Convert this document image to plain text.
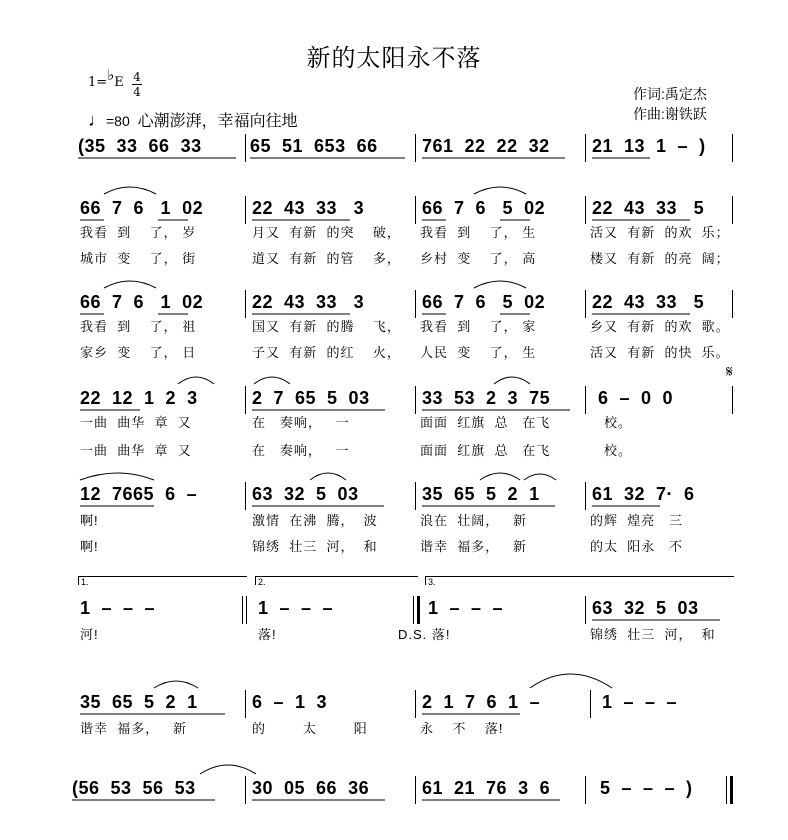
新的太阳永不落
1=♭E 4
4
♩=80 心潮澎湃，幸福向往地
作词:禹定杰
作曲:谢铁跃
(35  33  66  33	65  51  653  66 761  22  22  32 21  13  1  –  )
66  7  6   1  02	22  43  33   3	66  7  6   5  02	22  43  33   5
我看  到    了， 岁	月又  有新  的突    破， 我看  到    了， 生	活又  有新  的欢  乐；
城市  变    了， 街	道又  有新  的管    多， 乡村  变    了， 高	楼又  有新  的亮  阔；
66  7  6   1  02	22  43  33   3	66  7  6   5  02	22  43  33   5
我看  到    了， 祖	国又  有新  的腾    飞， 我看  到    了， 家	乡又  有新  的欢  歌。
家乡  变    了， 日	子又  有新  的红    火， 人民  变    了， 生	活又  有新  的快  乐。
22  12  1  2  3	2  7  65  5  03	33  53  2  3  75	6  –  0  0
𝄋
一曲  曲华  章  又	在   奏响，   一	面面  红旗  总   在飞	校。
一曲  曲华  章  又	在   奏响，   一	面面  红旗  总   在飞	校。
12  7665  6  –	63  32  5  03	35  65  5  2  1	61  32  7·  6
啊!	激情  在沸  腾，  波	浪在  壮阔，   新	的辉  煌亮   三
啊!	锦绣  壮三  河，  和	谐幸  福多，   新	的太  阳永   不
1.	2.	3.
1  –  –  –	1  –  –  –	1  –  –  –	63  32  5  03
河!	落!	D.S. 落!	锦绣  壮三  河，  和
35  65  5  2  1	6  –  1  3	2  1  7  6  1  –	1  –  –  –
谐幸  福多，   新	的        太        阳	永    不    落!
(56  53  56  53	30  05  66  36	61  21  76  3  6	5  –  –  –  )
